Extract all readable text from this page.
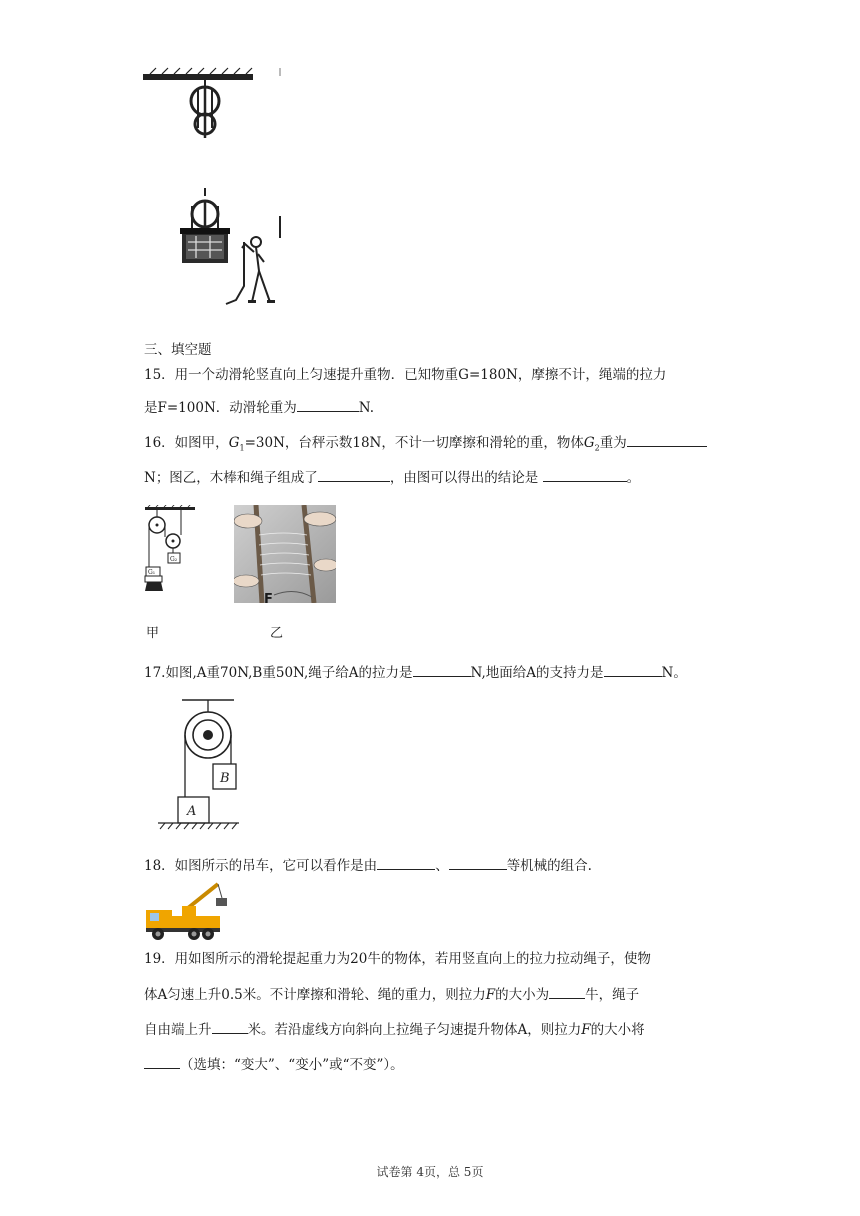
三、填空题
15．用一个动滑轮竖直向上匀速提升重物．已知物重G=180N，摩擦不计，绳端的拉力
是F=100N．动滑轮重为	N.
16．如图甲，$G_1=30N$，台秤示数18N，不计一切摩擦和滑轮的重，物体$G_2$重为
N；图乙，木棒和绳子组成了	，由图可以得出的结论是	。
G₂
G₁
F
甲	乙
17.如图,A重70N,B重50N,绳子给A的拉力是	N,地面给A的支持力是	N。
B
A
18．如图所示的吊车，它可以看作是由	、	等机械的组合.
19．用如图所示的滑轮提起重力为20牛的物体，若用竖直向上的拉力拉动绳子，使物
体A匀速上升0.5米。不计摩擦和滑轮、绳的重力，则拉力F的大小为	牛，绳子
自由端上升	米。若沿虚线方向斜向上拉绳子匀速提升物体A，则拉力F的大小将
（选填：“变大”、“变小”或“不变”）。
试卷第 4页，总 5页
